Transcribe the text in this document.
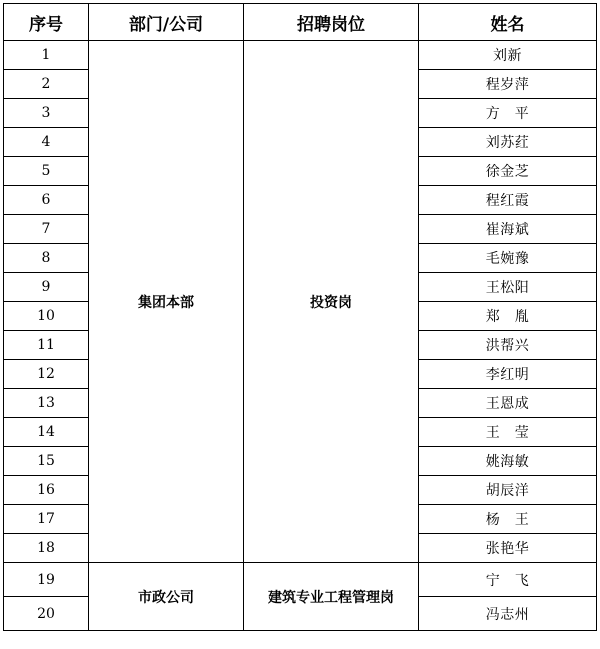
序号	部门/公司	招聘岗位	姓名
1	集团本部	投资岗	刘新
2			程岁萍
3			方　平
4			刘苏荭
5			徐金芝
6			程红霞
7			崔海斌
8			毛婉豫
9			王松阳
10			郑　胤
11			洪帮兴
12			李红明
13			王恩成
14			王　莹
15			姚海敏
16			胡辰洋
17			杨　王
18			张艳华
19	市政公司	建筑专业工程管理岗	宁　飞
20			冯志州
